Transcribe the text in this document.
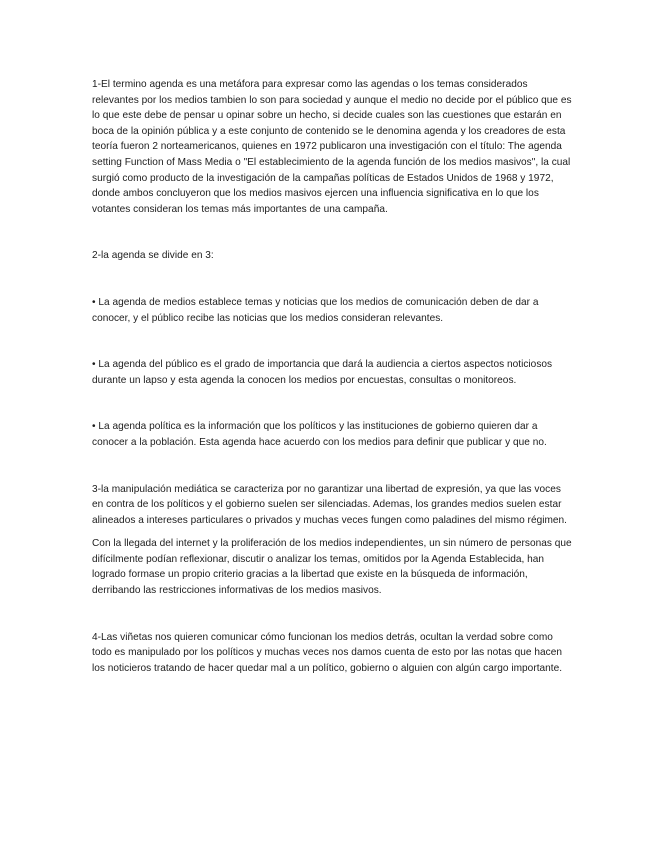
1-El termino agenda es una metáfora para expresar como las agendas o los temas considerados relevantes por los medios tambien lo son para sociedad y aunque el medio no decide por el público que es lo que este debe de pensar u opinar sobre un hecho, si decide cuales son las cuestiones que estarán en boca de la opinión pública y a este conjunto de contenido se le denomina agenda y los creadores de esta teoría fueron 2 norteamericanos, quienes en 1972 publicaron una investigación con el título: The agenda setting Function of Mass Media o "El establecimiento de la agenda función de los medios masivos", la cual surgió como producto de la investigación de la campañas políticas de Estados Unidos de 1968 y 1972, donde ambos concluyeron que los medios masivos ejercen una influencia significativa en lo que los votantes consideran los temas más importantes de una campaña.

2-la agenda se divide en 3:

• La agenda de medios establece temas y noticias que los medios de comunicación deben de dar a conocer, y el público recibe las noticias que los medios consideran relevantes.

• La agenda del público es el grado de importancia que dará la audiencia a ciertos aspectos noticiosos durante un lapso y esta agenda la conocen los medios por encuestas, consultas o monitoreos.

• La agenda política es la información que los políticos y las instituciones de gobierno quieren dar a conocer a la población. Esta agenda hace acuerdo con los medios para definir que publicar y que no.

3-la manipulación mediática se caracteriza por no garantizar una libertad de expresión, ya que las voces en contra de los políticos y el gobierno suelen ser silenciadas. Ademas, los grandes medios suelen estar alineados a intereses particulares o privados y muchas veces fungen como paladines del mismo régimen.

Con la llegada del internet y la proliferación de los medios independientes, un sin número de personas que difícilmente podían reflexionar, discutir o analizar los temas, omitidos por la Agenda Establecida, han logrado formase un propio criterio gracias a la libertad que existe en la búsqueda de información, derribando las restricciones informativas de los medios masivos.

4-Las viñetas nos quieren comunicar cómo funcionan los medios detrás, ocultan la verdad sobre como todo es manipulado por los políticos y muchas veces nos damos cuenta de esto por las notas que hacen los noticieros tratando de hacer quedar mal a un político, gobierno o alguien con algún cargo importante.
